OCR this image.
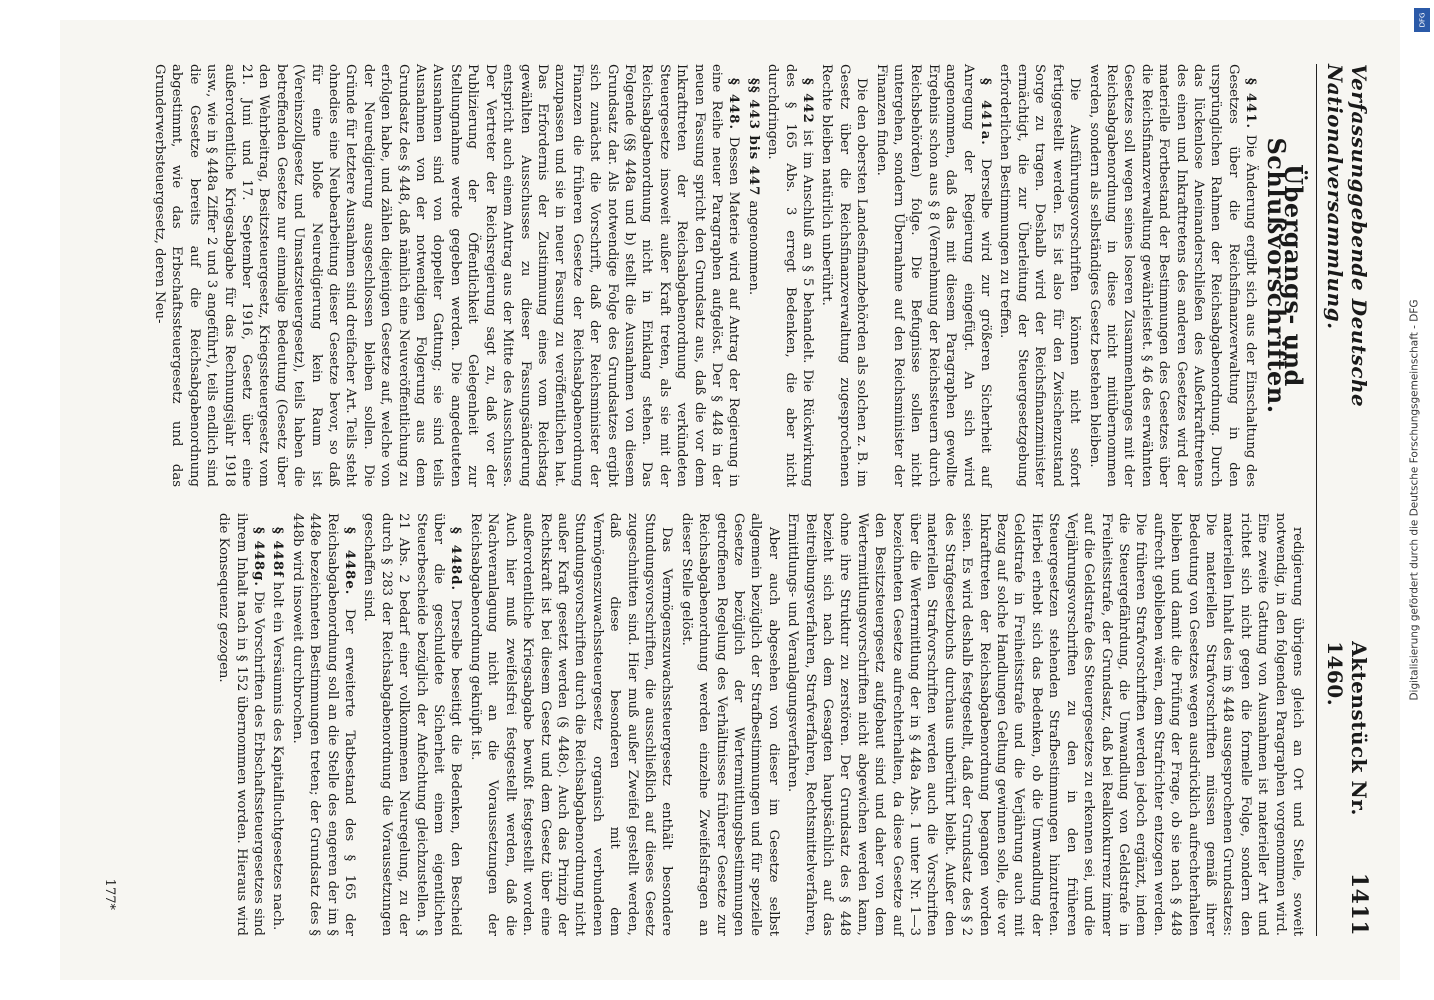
Verfassunggebende Deutsche Nationalversammlung.
Aktenstück Nr. 1460.
1411
Übergangs- und Schlußvorschriften.

§ 441. Die Änderung ergibt sich aus der Einschaltung des Gesetzes über die Reichsfinanzverwaltung in den ursprünglichen Rahmen der Reichsabgabenordnung. Durch das lückenlose Aneinanderschließen des Außerkrafttretens des einen und Inkrafttretens des anderen Gesetzes wird der materielle Fortbestand der Bestimmungen des Gesetzes über die Reichsfinanzverwaltung gewährleistet. § 46 des erwähnten Gesetzes soll wegen seines loseren Zusammenhanges mit der Reichsabgabenordnung in diese nicht mitübernommen werden, sondern als selbständiges Gesetz bestehen bleiben.

Die Ausführungsvorschriften können nicht sofort fertiggestellt werden. Es ist also für den Zwischenzustand Sorge zu tragen. Deshalb wird der Reichsfinanzminister ermächtigt, die zur Überleitung der Steuergesetzgebung erforderlichen Bestimmungen zu treffen.

§ 441a. Derselbe wird zur größeren Sicherheit auf Anregung der Regierung eingefügt. An sich wird angenommen, daß das mit diesem Paragraphen gewollte Ergebnis schon aus § 8 (Vernehmung der Reichssteuern durch Reichsbehörden) folge. Die Befugnisse sollen nicht untergehen, sondern Übernahme auf den Reichsminister der Finanzen finden.

Die den obersten Landesfinanzbehörden als solchen z. B. im Gesetz über die Reichsfinanzverwaltung zugesprochenen Rechte bleiben natürlich unberührt.

§ 442 ist im Anschluß an § 5 behandelt. Die Rückwirkung des § 165 Abs. 3 erregt Bedenken, die aber nicht durchdringen.

§§ 443 bis 447 angenommen.

§ 448. Dessen Materie wird auf Antrag der Regierung in eine Reihe neuer Paragraphen aufgelöst. Der § 448 in der neuen Fassung spricht den Grundsatz aus, daß die vor dem Inkrafttreten der Reichsabgabenordnung verkündeten Steuergesetze insoweit außer Kraft treten, als sie mit der Reichsabgabenordnung nicht in Einklang stehen. Das Folgende (§§ 448a und b) stellt die Ausnahmen von diesem Grundsatz dar. Als notwendige Folge des Grundsatzes ergibt sich zunächst die Vorschrift, daß der Reichsminister der Finanzen die früheren Gesetze der Reichsabgabenordnung anzupassen und sie in neuer Fassung zu veröffentlichen hat. Das Erfordernis der Zustimmung eines vom Reichstag gewählten Ausschusses zu dieser Fassungsänderung entspricht auch einem Antrag aus der Mitte des Ausschusses. Der Vertreter der Reichsregierung sagt zu, daß vor der Publizierung der Öffentlichkeit Gelegenheit zur Stellungnahme werde gegeben werden. Die angedeuteten Ausnahmen sind von doppelter Gattung; sie sind teils Ausnahmen von der notwendigen Folgerung aus dem Grundsatz des § 448, daß nämlich eine Neuveröffentlichung zu erfolgen habe, und zählen diejenigen Gesetze auf, welche von der Neuredigierung ausgeschlossen bleiben sollen. Die Gründe für letztere Ausnahmen sind dreifacher Art. Teils steht ohnedies eine Neubearbeitung dieser Gesetze bevor, so daß für eine bloße Neuredigierung kein Raum ist (Vereinszollgesetz und Umsatzsteuergesetz), teils haben die betreffenden Gesetze nur einmalige Bedeutung (Gesetz über den Wehrbeitrag, Besitzsteuergesetz, Kriegssteuergesetz vom 21. Juni und 17. September 1916, Gesetz über eine außerordentliche Kriegsabgabe für das Rechnungsjahr 1918 usw., wie in § 448a Ziffer 2 und 3 angeführt), teils endlich sind die Gesetze bereits auf die Reichsabgabenordnung abgestimmt, wie das Erbschaftssteuergesetz und das Grunderwerbsteuergesetz, deren Neu-

redigierung übrigens gleich an Ort und Stelle, soweit notwendig, in den folgenden Paragraphen vorgenommen wird. Eine zweite Gattung von Ausnahmen ist materieller Art und richtet sich nicht gegen die formelle Folge, sondern den materiellen Inhalt des im § 448 ausgesprochenen Grundsatzes: Die materiellen Strafvorschriften müssen gemäß ihrer Bedeutung von Gesetzes wegen ausdrücklich aufrechterhalten bleiben und damit die Prüfung der Frage, ob sie nach § 448 aufrecht geblieben wären, dem Strafrichter entzogen werden. Die früheren Strafvorschriften werden jedoch ergänzt, indem die Steuergefährdung, die Umwandlung von Geldstrafe in Freiheitsstrafe, der Grundsatz, daß bei Realkonkurrenz immer auf die Geldstrafe des Steuergesetzes zu erkennen sei, und die Verjährungsvorschriften zu den in den früheren Steuergesetzen stehenden Strafbestimmungen hinzutreten. Hierbei erhebt sich das Bedenken, ob die Umwandlung der Geldstrafe in Freiheitsstrafe und die Verjährung auch mit Bezug auf solche Handlungen Geltung gewinnen solle, die vor Inkrafttreten der Reichsabgabenordnung begangen worden seien. Es wird deshalb festgestellt, daß der Grundsatz des § 2 des Strafgesetzbuchs durchaus unberührt bleibt. Außer den materiellen Strafvorschriften werden auch die Vorschriften über die Wertermittlung der in § 448a Abs. 1 unter Nr. 1—3 bezeichneten Gesetze aufrechterhalten, da diese Gesetze auf den Besitzsteuergesetz aufgebaut sind und daher von dem Wertermittlungsvorschriften nicht abgewichen werden kann, ohne ihre Struktur zu zerstören. Der Grundsatz des § 448 bezieht sich nach dem Gesagten hauptsächlich auf das Beitreibungsverfahren, Strafverfahren, Rechtsmittelverfahren, Ermittlungs- und Veranlagungsverfahren.

Aber auch abgesehen von dieser im Gesetze selbst allgemein bezüglich der Strafbestimmungen und für spezielle Gesetze bezüglich der Wertermittlungsbestimmungen getroffenen Regelung des Verhältnisses früherer Gesetze zur Reichsabgabenordnung werden einzelne Zweifelsfragen an dieser Stelle gelöst.

Das Vermögenszuwachssteuergesetz enthält besondere Stundungsvorschriften, die ausschließlich auf dieses Gesetz zugeschnitten sind. Hier muß außer Zweifel gestellt werden, daß diese besonderen mit dem Vermögenszuwachssteuergesetz organisch verbundenen Stundungsvorschriften durch die Reichsabgabenordnung nicht außer Kraft gesetzt werden (§ 448c). Auch das Prinzip der Rechtskraft ist bei diesem Gesetz und dem Gesetz über eine außerordentliche Kriegsabgabe bewußt festgestellt worden. Auch hier muß zweifelsfrei festgestellt werden, daß die Nachveranlagung nicht an die Voraussetzungen der Reichsabgabenordnung geknüpft ist.

§ 448d. Derselbe beseitigt die Bedenken, den Bescheid über die geschuldete Sicherheit einem eigentlichen Steuerbescheide bezüglich der Anfechtung gleichzustellen. § 21 Abs. 2 bedarf einer vollkommenen Neuregelung, zu der durch § 283 der Reichsabgabenordnung die Voraussetzungen geschaffen sind.

§ 448e. Der erweiterte Tatbestand des § 165 der Reichsabgabenordnung soll an die Stelle des engeren der im § 448e bezeichneten Bestimmungen treten; der Grundsatz des § 448b wird insoweit durchbrochen.

§ 448f holt ein Versäumnis des Kapitalfluchtgesetzes nach.

§ 448g. Die Vorschriften des Erbschaftssteuergesetzes sind ihrem Inhalt nach in § 152 übernommen worden. Hieraus wird die Konsequenz gezogen.

177*
Digitalisierung gefördert durch die Deutsche Forschungsgemeinschaft - DFG
DFG
